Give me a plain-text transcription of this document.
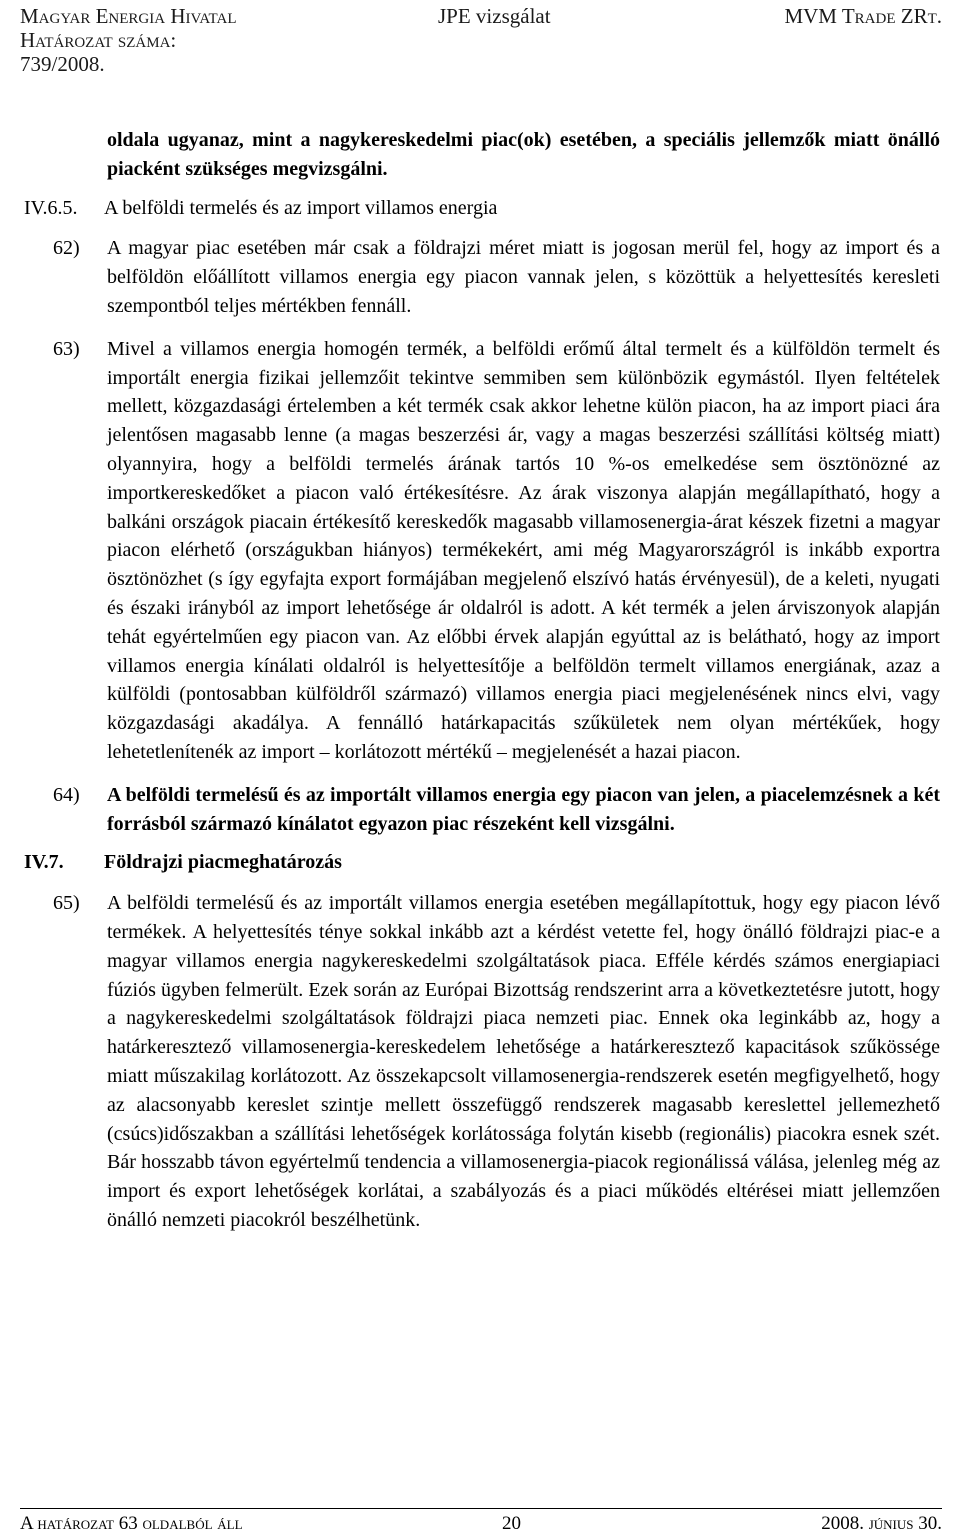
Magyar Energia Hivatal
Határozat száma:
739/2008.
JPE vizsgálat	MVM Trade ZRt.
oldala ugyanaz, mint a nagykereskedelmi piac(ok) esetében, a speciális jellemzők miatt önálló piacként szükséges megvizsgálni.
IV.6.5. A belföldi termelés és az import villamos energia
62) A magyar piac esetében már csak a földrajzi méret miatt is jogosan merül fel, hogy az import és a belföldön előállított villamos energia egy piacon vannak jelen, s közöttük a helyettesítés keresleti szempontból teljes mértékben fennáll.
63) Mivel a villamos energia homogén termék, a belföldi erőmű által termelt és a külföldön termelt és importált energia fizikai jellemzőit tekintve semmiben sem különbözik egymástól. Ilyen feltételek mellett, közgazdasági értelemben a két termék csak akkor lehetne külön piacon, ha az import piaci ára jelentősen magasabb lenne (a magas beszerzési ár, vagy a magas beszerzési szállítási költség miatt) olyannyira, hogy a belföldi termelés árának tartós 10 %-os emelkedése sem ösztönözné az importkereskedőket a piacon való értékesítésre. Az árak viszonya alapján megállapítható, hogy a balkáni országok piacain értékesítő kereskedők magasabb villamosenergia-árat készek fizetni a magyar piacon elérhető (országukban hiányos) termékekért, ami még Magyarországról is inkább exportra ösztönözhet (s így egyfajta export formájában megjelenő elszívó hatás érvényesül), de a keleti, nyugati és északi irányból az import lehetősége ár oldalról is adott. A két termék a jelen árviszonyok alapján tehát egyértelműen egy piacon van. Az előbbi érvek alapján egyúttal az is belátható, hogy az import villamos energia kínálati oldalról is helyettesítője a belföldön termelt villamos energiának, azaz a külföldi (pontosabban külföldről származó) villamos energia piaci megjelenésének nincs elvi, vagy közgazdasági akadálya. A fennálló határkapacitás szűkületek nem olyan mértékűek, hogy lehetetlenítenék az import – korlátozott mértékű – megjelenését a hazai piacon.
64) A belföldi termelésű és az importált villamos energia egy piacon van jelen, a piacelemzésnek a két forrásból származó kínálatot egyazon piac részeként kell vizsgálni.
IV.7. Földrajzi piacmeghatározás
65) A belföldi termelésű és az importált villamos energia esetében megállapítottuk, hogy egy piacon lévő termékek. A helyettesítés ténye sokkal inkább azt a kérdést vetette fel, hogy önálló földrajzi piac-e a magyar villamos energia nagykereskedelmi szolgáltatások piaca. Efféle kérdés számos energiapiaci fúziós ügyben felmerült. Ezek során az Európai Bizottság rendszerint arra a következtetésre jutott, hogy a nagykereskedelmi szolgáltatások földrajzi piaca nemzeti piac. Ennek oka leginkább az, hogy a határkeresztező villamosenergia-kereskedelem lehetősége a határkeresztező kapacitások szűkössége miatt műszakilag korlátozott. Az összekapcsolt villamosenergia-rendszerek esetén megfigyelhető, hogy az alacsonyabb kereslet szintje mellett összefüggő rendszerek magasabb kereslettel jellemezhető (csúcs)időszakban a szállítási lehetőségek korlátossága folytán kisebb (regionális) piacokra esnek szét. Bár hosszabb távon egyértelmű tendencia a villamosenergia-piacok regionálissá válása, jelenleg még az import és export lehetőségek korlátai, a szabályozás és a piaci működés eltérései miatt jellemzően önálló nemzeti piacokról beszélhetünk.
A határozat 63 oldalból áll	20	2008. június 30.
